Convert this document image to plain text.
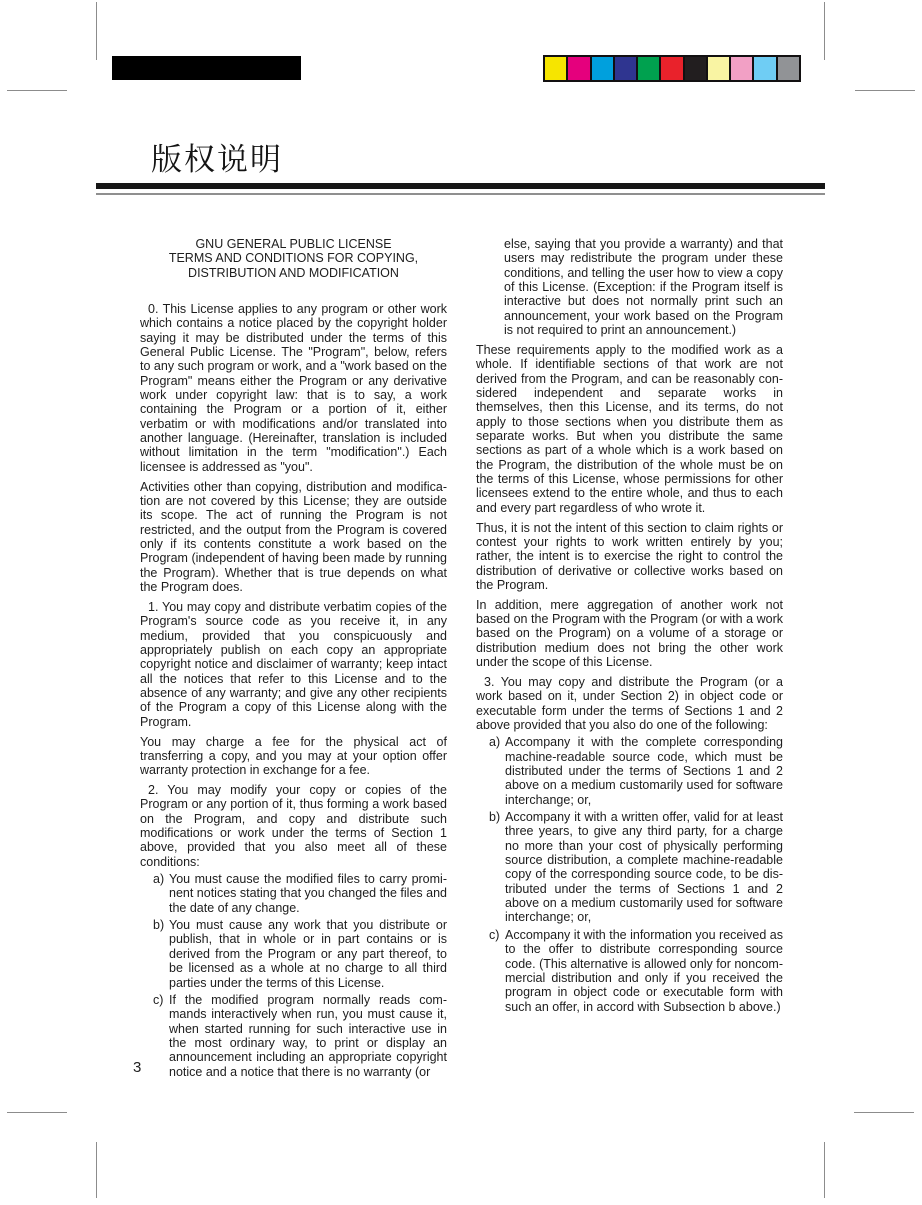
版权说明
GNU GENERAL PUBLIC LICENSE
TERMS AND CONDITIONS FOR COPYING,
DISTRIBUTION AND MODIFICATION
0. This License applies to any program or other work which contains a notice placed by the copyright holder saying it may be distributed under the terms of this General Public License. The "Program", below, refers to any such program or work, and a "work based on the Program" means either the Program or any derivative work under copyright law: that is to say, a work containing the Program or a portion of it, either verbatim or with modifications and/or translated into another language. (Hereinafter, translation is included without limitation in the term "modification".) Each licensee is addressed as "you".
Activities other than copying, distribution and modification are not covered by this License; they are outside its scope. The act of running the Program is not restricted, and the output from the Program is covered only if its contents constitute a work based on the Program (independent of having been made by running the Program). Whether that is true depends on what the Program does.
1. You may copy and distribute verbatim copies of the Program's source code as you receive it, in any medium, provided that you conspicuously and appropriately publish on each copy an appropriate copyright notice and disclaimer of warranty; keep intact all the notices that refer to this License and to the absence of any warranty; and give any other recipients of the Program a copy of this License along with the Program.
You may charge a fee for the physical act of transferring a copy, and you may at your option offer warranty protection in exchange for a fee.
2. You may modify your copy or copies of the Program or any portion of it, thus forming a work based on the Program, and copy and distribute such modifications or work under the terms of Section 1 above, provided that you also meet all of these conditions:
a) You must cause the modified files to carry prominent notices stating that you changed the files and the date of any change.
b) You must cause any work that you distribute or publish, that in whole or in part contains or is derived from the Program or any part thereof, to be licensed as a whole at no charge to all third parties under the terms of this License.
c) If the modified program normally reads commands interactively when run, you must cause it, when started running for such interactive use in the most ordinary way, to print or display an announcement including an appropriate copyright notice and a notice that there is no warranty (or
else, saying that you provide a warranty) and that users may redistribute the program under these conditions, and telling the user how to view a copy of this License. (Exception: if the Program itself is interactive but does not normally print such an announcement, your work based on the Program is not required to print an announcement.)
These requirements apply to the modified work as a whole. If identifiable sections of that work are not derived from the Program, and can be reasonably considered independent and separate works in themselves, then this License, and its terms, do not apply to those sections when you distribute them as separate works. But when you distribute the same sections as part of a whole which is a work based on the Program, the distribution of the whole must be on the terms of this License, whose permissions for other licensees extend to the entire whole, and thus to each and every part regardless of who wrote it.
Thus, it is not the intent of this section to claim rights or contest your rights to work written entirely by you; rather, the intent is to exercise the right to control the distribution of derivative or collective works based on the Program.
In addition, mere aggregation of another work not based on the Program with the Program (or with a work based on the Program) on a volume of a storage or distribution medium does not bring the other work under the scope of this License.
3. You may copy and distribute the Program (or a work based on it, under Section 2) in object code or executable form under the terms of Sections 1 and 2 above provided that you also do one of the following:
a) Accompany it with the complete corresponding machine-readable source code, which must be distributed under the terms of Sections 1 and 2 above on a medium customarily used for software interchange; or,
b) Accompany it with a written offer, valid for at least three years, to give any third party, for a charge no more than your cost of physically performing source distribution, a complete machine-readable copy of the corresponding source code, to be distributed under the terms of Sections 1 and 2 above on a medium customarily used for software interchange; or,
c) Accompany it with the information you received as to the offer to distribute corresponding source code. (This alternative is allowed only for noncommercial distribution and only if you received the program in object code or executable form with such an offer, in accord with Subsection b above.)
3
